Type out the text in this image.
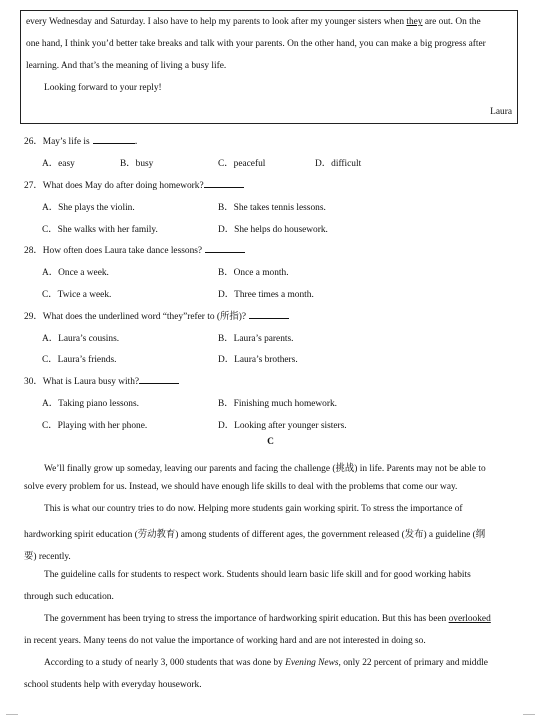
every Wednesday and Saturday. I also have to help my parents to look after my younger sisters when they are out. On the
one hand, I think you’d better take breaks and talk with your parents. On the other hand, you can make a big progress after
learning. And that’s the meaning of living a busy life.
Looking forward to your reply!
Laura
26．May’s life is	．
A．easy	B．busy	C．peaceful	D．difficult
27．What does May do after doing homework?
A．She plays the violin.	B．She takes tennis lessons.
C．She walks with her family.	D．She helps do housework.
28．How often does Laura take dance lessons?
A．Once a week.	B．Once a month.
C．Twice a week.	D．Three times a month.
29．What does the underlined word “they”refer to (所指)?
A．Laura’s cousins.	B．Laura’s parents.
C．Laura’s friends.	D．Laura’s brothers.
30．What is Laura busy with?
A．Taking piano lessons.	B．Finishing much homework.
C．Playing with her phone.	D．Looking after younger sisters.
C
We’ll finally grow up someday, leaving our parents and facing the challenge (挑战) in life. Parents may not be able to
solve every problem for us. Instead, we should have enough life skills to deal with the problems that come our way.
This is what our country tries to do now. Helping more students gain working spirit. To stress the importance of
hardworking spirit education (劳动教育) among students of different ages, the government released (发布) a guideline (纲
要) recently.
The guideline calls for students to respect work. Students should learn basic life skill and for good working habits
through such education.
The government has been trying to stress the importance of hardworking spirit education. But this has been overlooked
in recent years. Many teens do not value the importance of working hard and are not interested in doing so.
According to a study of nearly 3, 000 students that was done by Evening News, only 22 percent of primary and middle
school students help with everyday housework.
